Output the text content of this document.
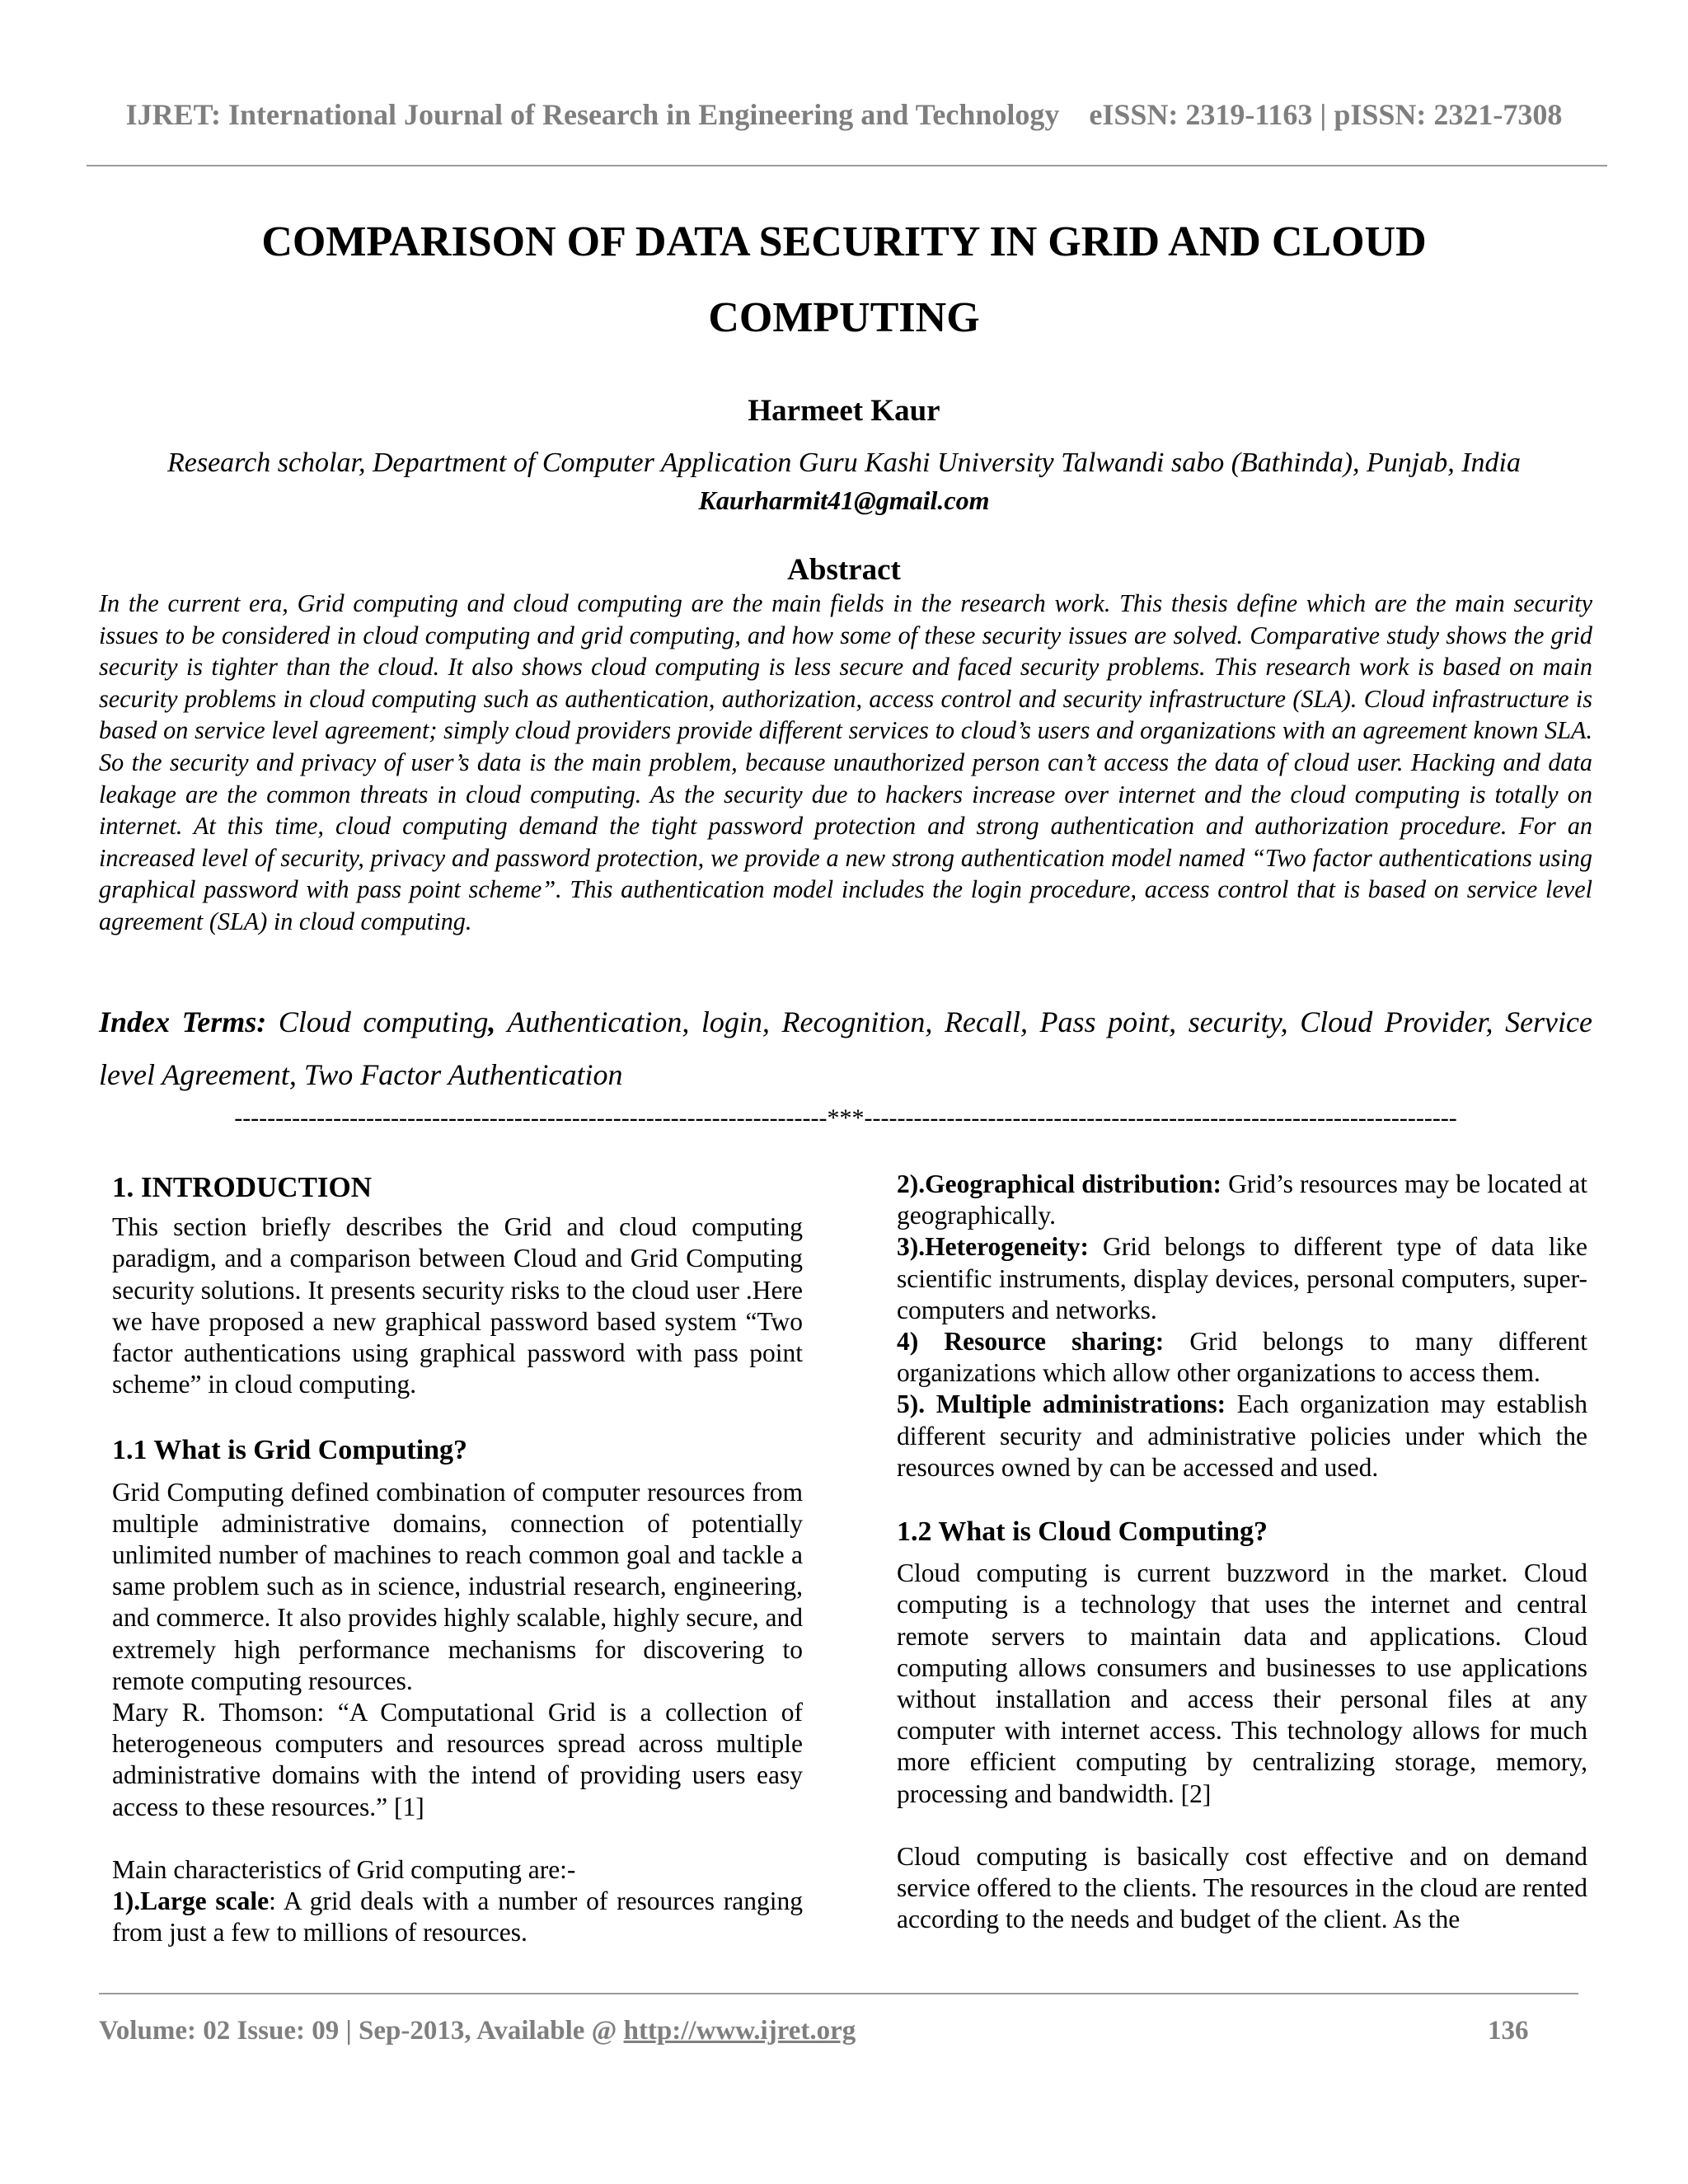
IJRET: International Journal of Research in Engineering and Technology eISSN: 2319-1163 | pISSN: 2321-7308
COMPARISON OF DATA SECURITY IN GRID AND CLOUD
COMPUTING
Harmeet Kaur
Research scholar, Department of Computer Application Guru Kashi University Talwandi sabo (Bathinda), Punjab, India
Kaurharmit41@gmail.com
Abstract
In the current era, Grid computing and cloud computing are the main fields in the research work. This thesis define which are the main security issues to be considered in cloud computing and grid computing, and how some of these security issues are solved. Comparative study shows the grid security is tighter than the cloud. It also shows cloud computing is less secure and faced security problems. This research work is based on main security problems in cloud computing such as authentication, authorization, access control and security infrastructure (SLA). Cloud infrastructure is based on service level agreement; simply cloud providers provide different services to cloud’s users and organizations with an agreement known SLA. So the security and privacy of user’s data is the main problem, because unauthorized person can’t access the data of cloud user. Hacking and data leakage are the common threats in cloud computing. As the security due to hackers increase over internet and the cloud computing is totally on internet. At this time, cloud computing demand the tight password protection and strong authentication and authorization procedure. For an increased level of security, privacy and password protection, we provide a new strong authentication model named “Two factor authentications using graphical password with pass point scheme”. This authentication model includes the login procedure, access control that is based on service level agreement (SLA) in cloud computing.
Index Terms: Cloud computing, Authentication, login, Recognition, Recall, Pass point, security, Cloud Provider, Service level Agreement, Two Factor Authentication
------------------------------------------------------------------------***------------------------------------------------------------------------

1. INTRODUCTION

This section briefly describes the Grid and cloud computing paradigm, and a comparison between Cloud and Grid Computing security solutions. It presents security risks to the cloud user .Here we have proposed a new graphical password based system “Two factor authentications using graphical password with pass point scheme” in cloud computing.

1.1 What is Grid Computing?

Grid Computing defined combination of computer resources from multiple administrative domains, connection of potentially unlimited number of machines to reach common goal and tackle a same problem such as in science, industrial research, engineering, and commerce. It also provides highly scalable, highly secure, and extremely high performance mechanisms for discovering to remote computing resources.

Mary R. Thomson: “A Computational Grid is a collection of heterogeneous computers and resources spread across multiple administrative domains with the intend of providing users easy access to these resources.” [1]

Main characteristics of Grid computing are:-

1).Large scale: A grid deals with a number of resources ranging from just a few to millions of resources.

2).Geographical distribution: Grid’s resources may be located at geographically.

3).Heterogeneity: Grid belongs to different type of data like scientific instruments, display devices, personal computers, super-computers and networks.

4) Resource sharing: Grid belongs to many different organizations which allow other organizations to access them.

5). Multiple administrations: Each organization may establish different security and administrative policies under which the resources owned by can be accessed and used.

1.2 What is Cloud Computing?

Cloud computing is current buzzword in the market. Cloud computing is a technology that uses the internet and central remote servers to maintain data and applications. Cloud computing allows consumers and businesses to use applications without installation and access their personal files at any computer with internet access. This technology allows for much more efficient computing by centralizing storage, memory, processing and bandwidth. [2]

Cloud computing is basically cost effective and on demand service offered to the clients. The resources in the cloud are rented according to the needs and budget of the client. As the

Volume: 02 Issue: 09 | Sep-2013, Available @ http://www.ijret.org	136
